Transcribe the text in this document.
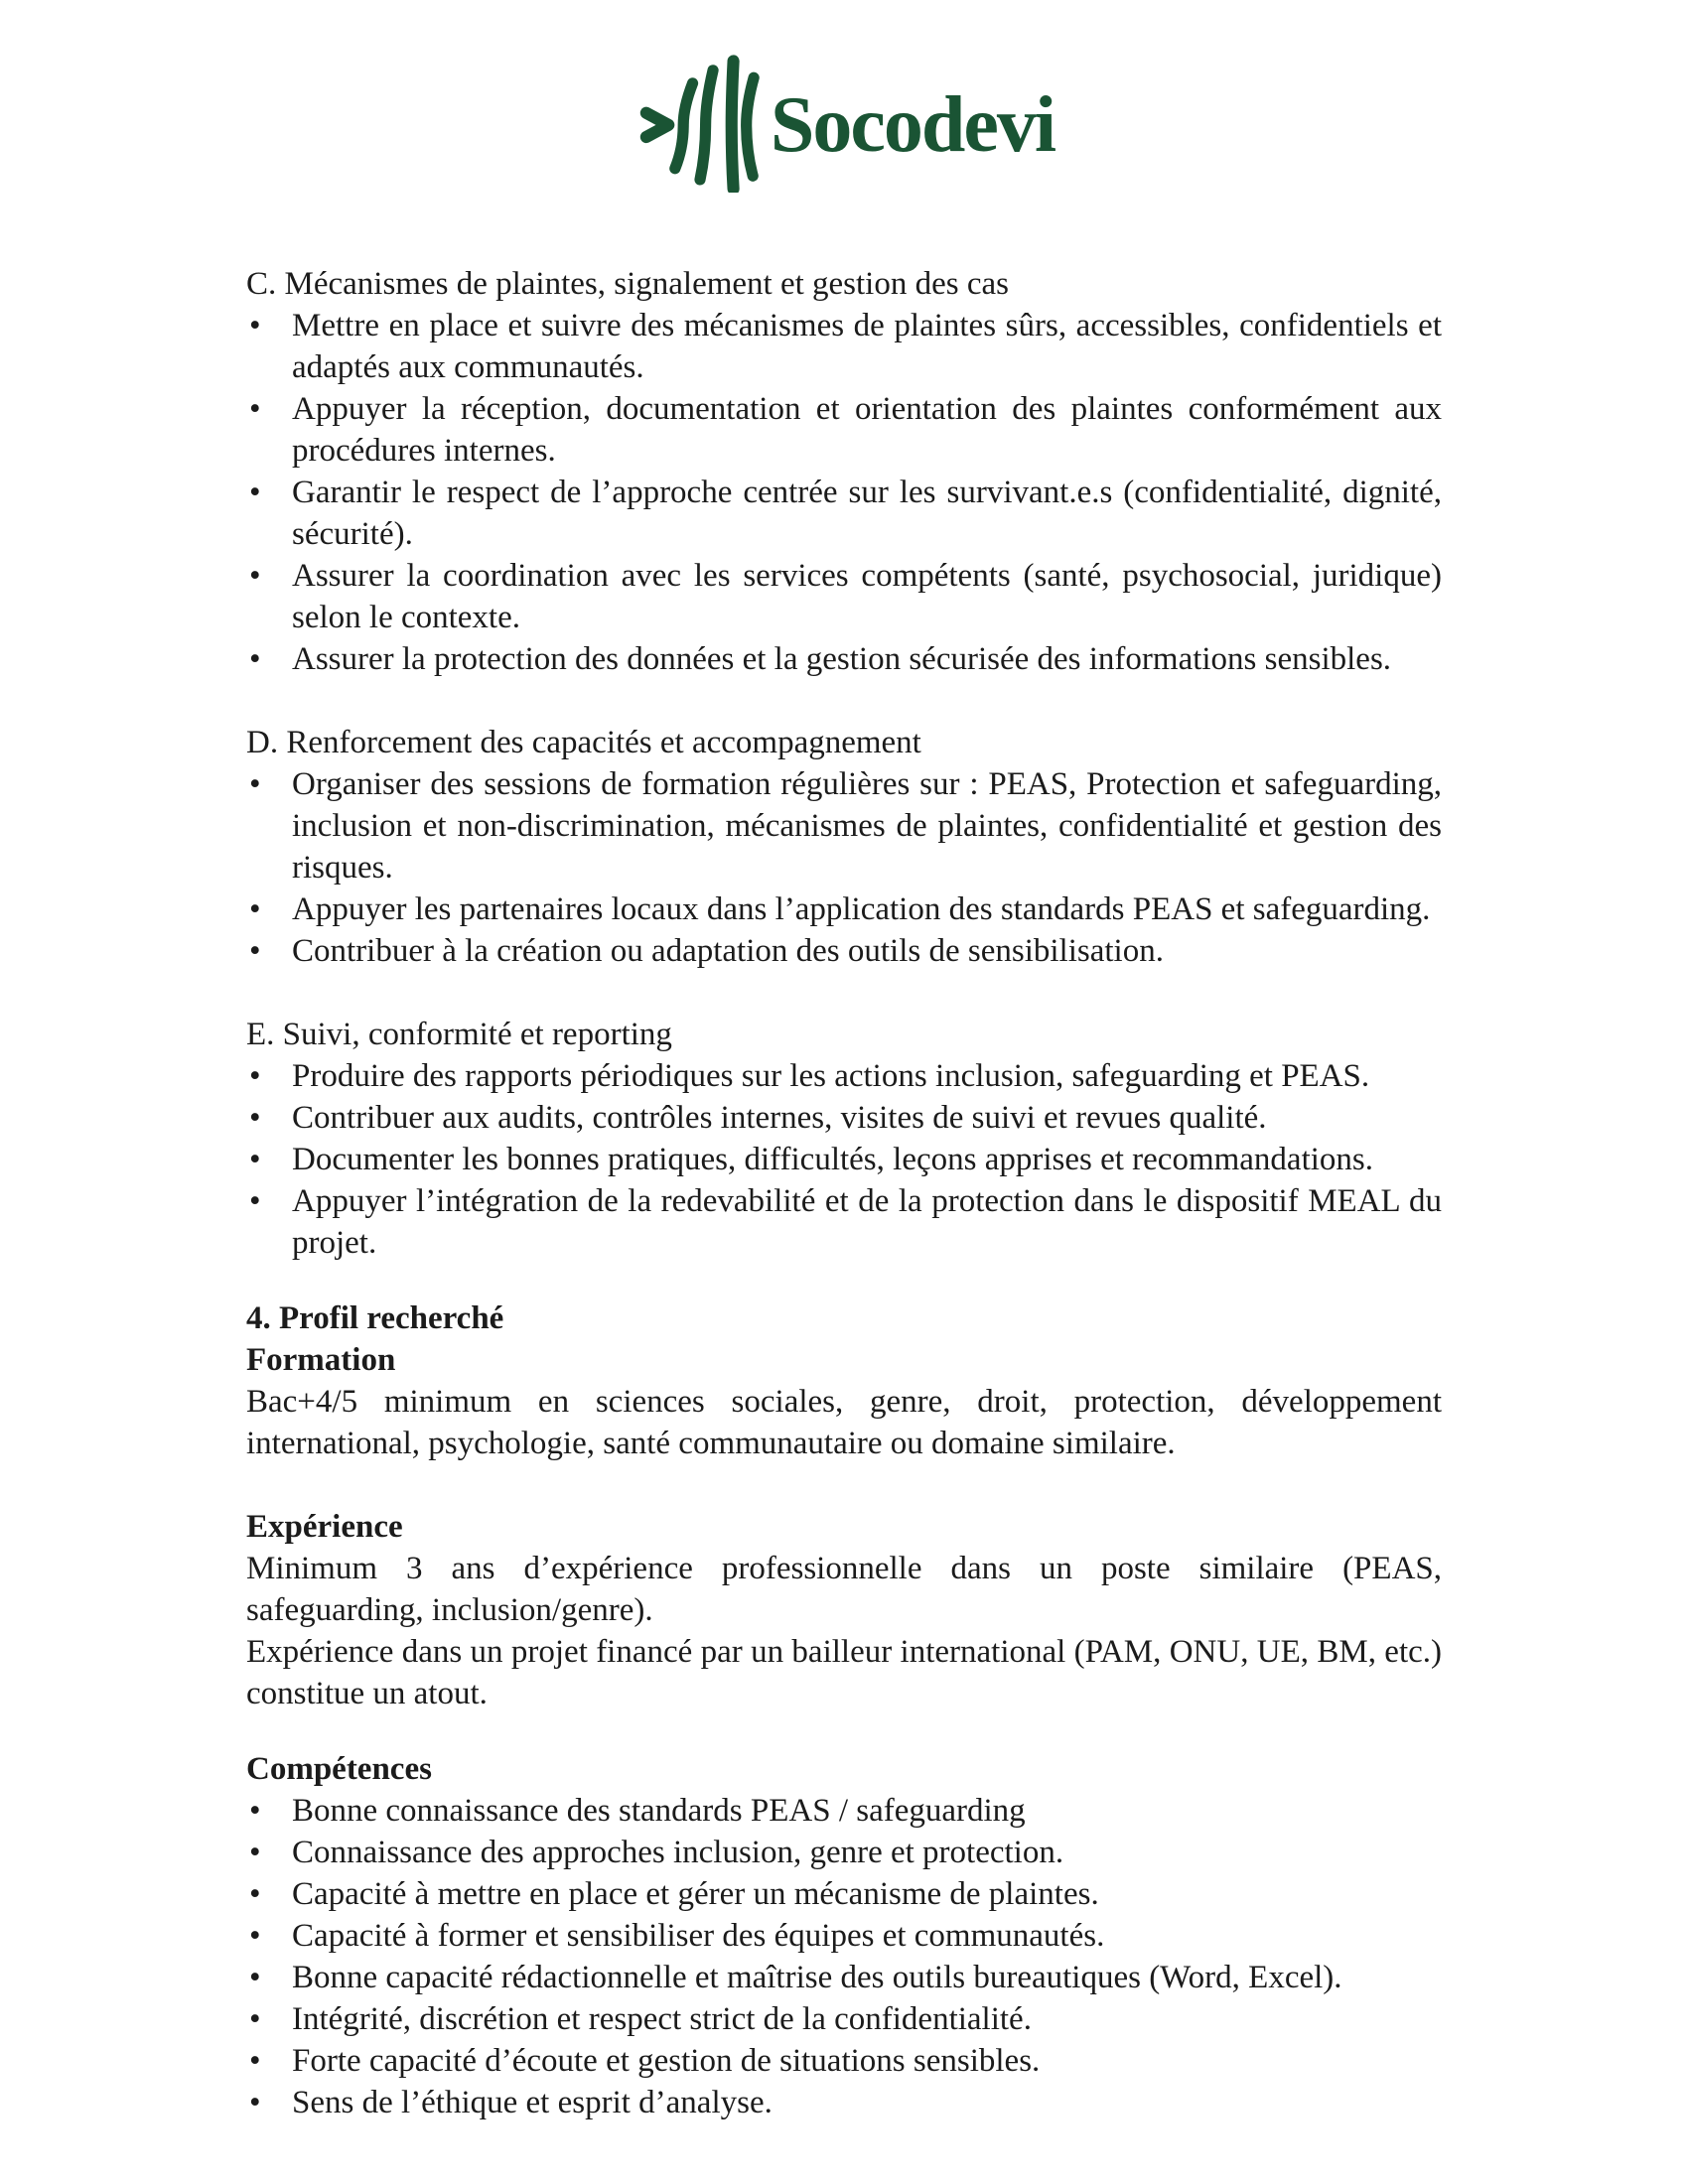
Socodevi

C. Mécanismes de plaintes, signalement et gestion des cas

• Mettre en place et suivre des mécanismes de plaintes sûrs, accessibles, confidentiels et adaptés aux communautés.
• Appuyer la réception, documentation et orientation des plaintes conformément aux procédures internes.
• Garantir le respect de l’approche centrée sur les survivant.e.s (confidentialité, dignité, sécurité).
• Assurer la coordination avec les services compétents (santé, psychosocial, juridique) selon le contexte.
• Assurer la protection des données et la gestion sécurisée des informations sensibles.

D. Renforcement des capacités et accompagnement

• Organiser des sessions de formation régulières sur : PEAS, Protection et safeguarding, inclusion et non-discrimination, mécanismes de plaintes, confidentialité et gestion des risques.
• Appuyer les partenaires locaux dans l’application des standards PEAS et safeguarding.
• Contribuer à la création ou adaptation des outils de sensibilisation.

E. Suivi, conformité et reporting

• Produire des rapports périodiques sur les actions inclusion, safeguarding et PEAS.
• Contribuer aux audits, contrôles internes, visites de suivi et revues qualité.
• Documenter les bonnes pratiques, difficultés, leçons apprises et recommandations.
• Appuyer l’intégration de la redevabilité et de la protection dans le dispositif MEAL du projet.

4. Profil recherché

Formation

Bac+4/5 minimum en sciences sociales, genre, droit, protection, développement international, psychologie, santé communautaire ou domaine similaire.

Expérience

Minimum 3 ans d’expérience professionnelle dans un poste similaire (PEAS, safeguarding, inclusion/genre).

Expérience dans un projet financé par un bailleur international (PAM, ONU, UE, BM, etc.) constitue un atout.

Compétences

• Bonne connaissance des standards PEAS / safeguarding
• Connaissance des approches inclusion, genre et protection.
• Capacité à mettre en place et gérer un mécanisme de plaintes.
• Capacité à former et sensibiliser des équipes et communautés.
• Bonne capacité rédactionnelle et maîtrise des outils bureautiques (Word, Excel).
• Intégrité, discrétion et respect strict de la confidentialité.
• Forte capacité d’écoute et gestion de situations sensibles.
• Sens de l’éthique et esprit d’analyse.
